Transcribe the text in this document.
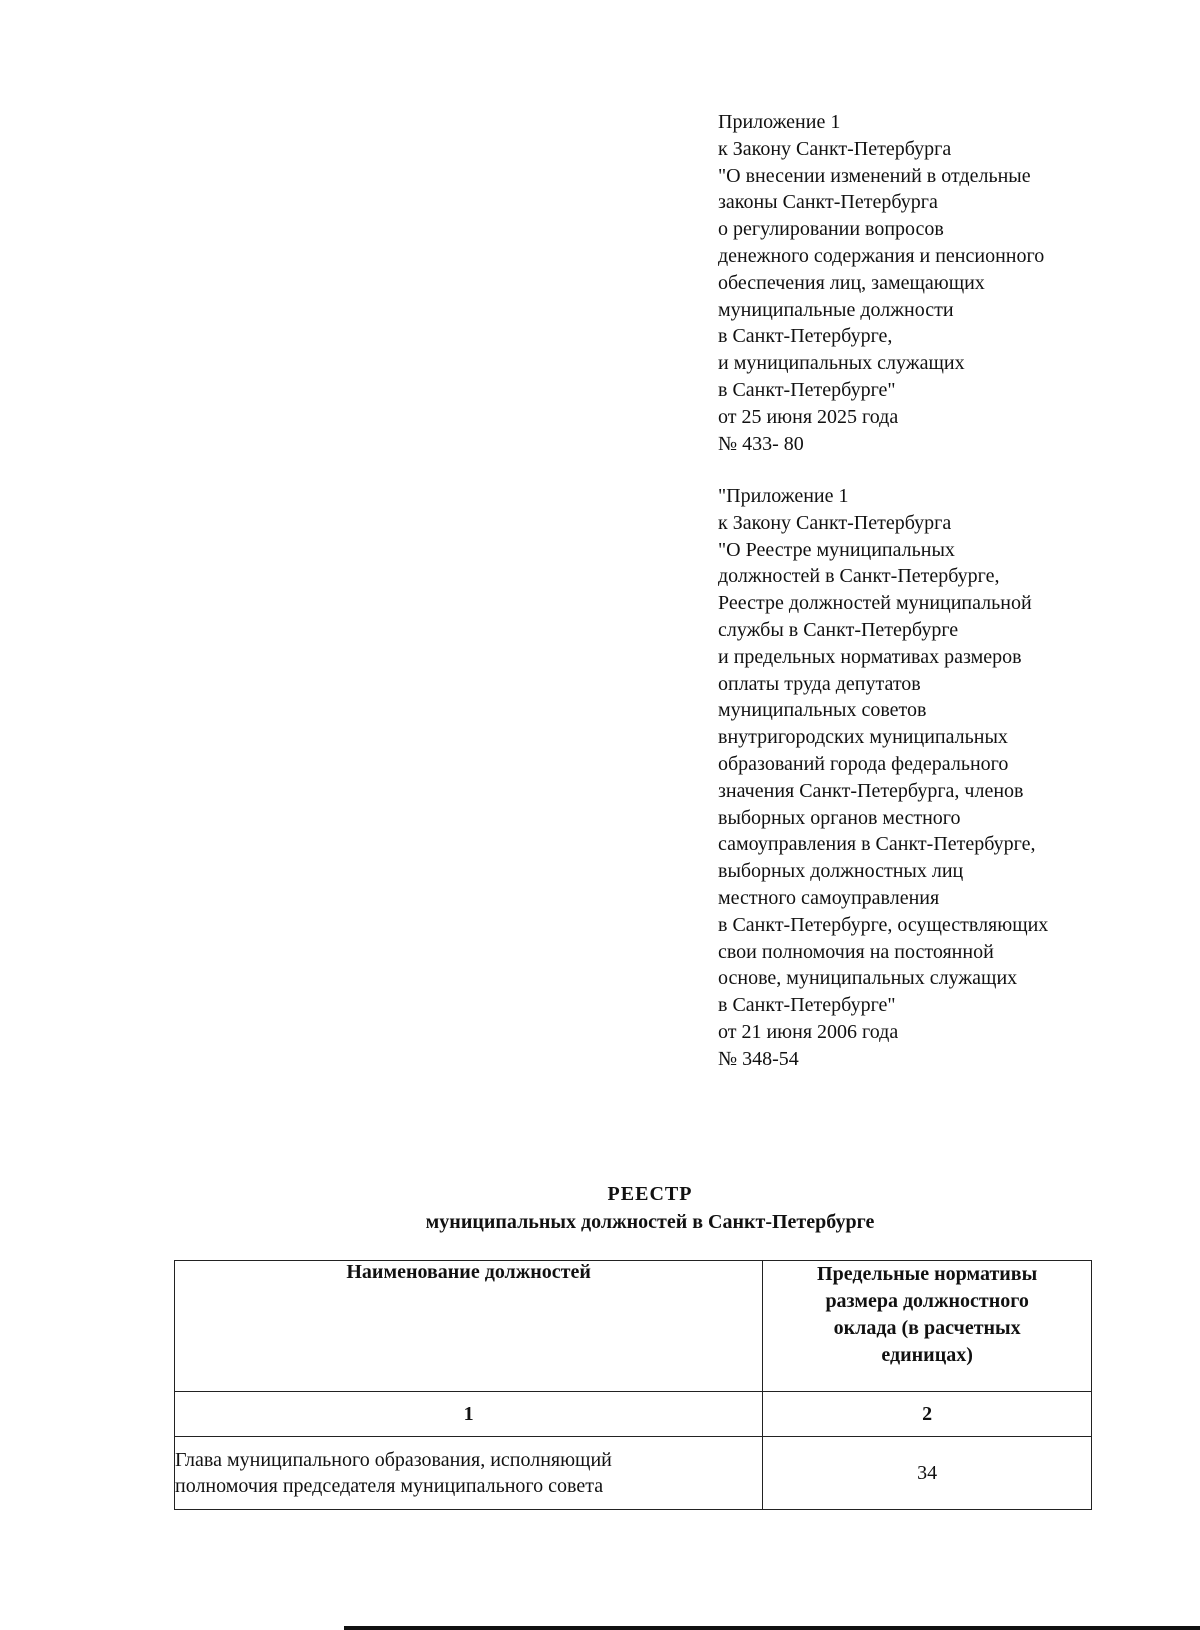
Приложение 1
к Закону Санкт-Петербурга
"О внесении изменений в отдельные
законы Санкт-Петербурга
о регулировании вопросов
денежного содержания и пенсионного
обеспечения лиц, замещающих
муниципальные должности
в Санкт-Петербурге,
и муниципальных служащих
в Санкт-Петербурге"
от 25 июня 2025 года
№ 433- 80
"Приложение 1
к Закону Санкт-Петербурга
"О Реестре муниципальных
должностей в Санкт-Петербурге,
Реестре должностей муниципальной
службы в Санкт-Петербурге
и предельных нормативах размеров
оплаты труда депутатов
муниципальных советов
внутригородских муниципальных
образований города федерального
значения Санкт-Петербурга, членов
выборных органов местного
самоуправления в Санкт-Петербурге,
выборных должностных лиц
местного самоуправления
в Санкт-Петербурге, осуществляющих
свои полномочия на постоянной
основе, муниципальных служащих
в Санкт-Петербурге"
от 21 июня 2006 года
№ 348-54
РЕЕСТР
муниципальных должностей в Санкт-Петербурге
Наименование должностей	Предельные нормативы
размера должностного
оклада (в расчетных
единицах)

1	2

Глава муниципального образования, исполняющий
полномочия председателя муниципального совета	34
